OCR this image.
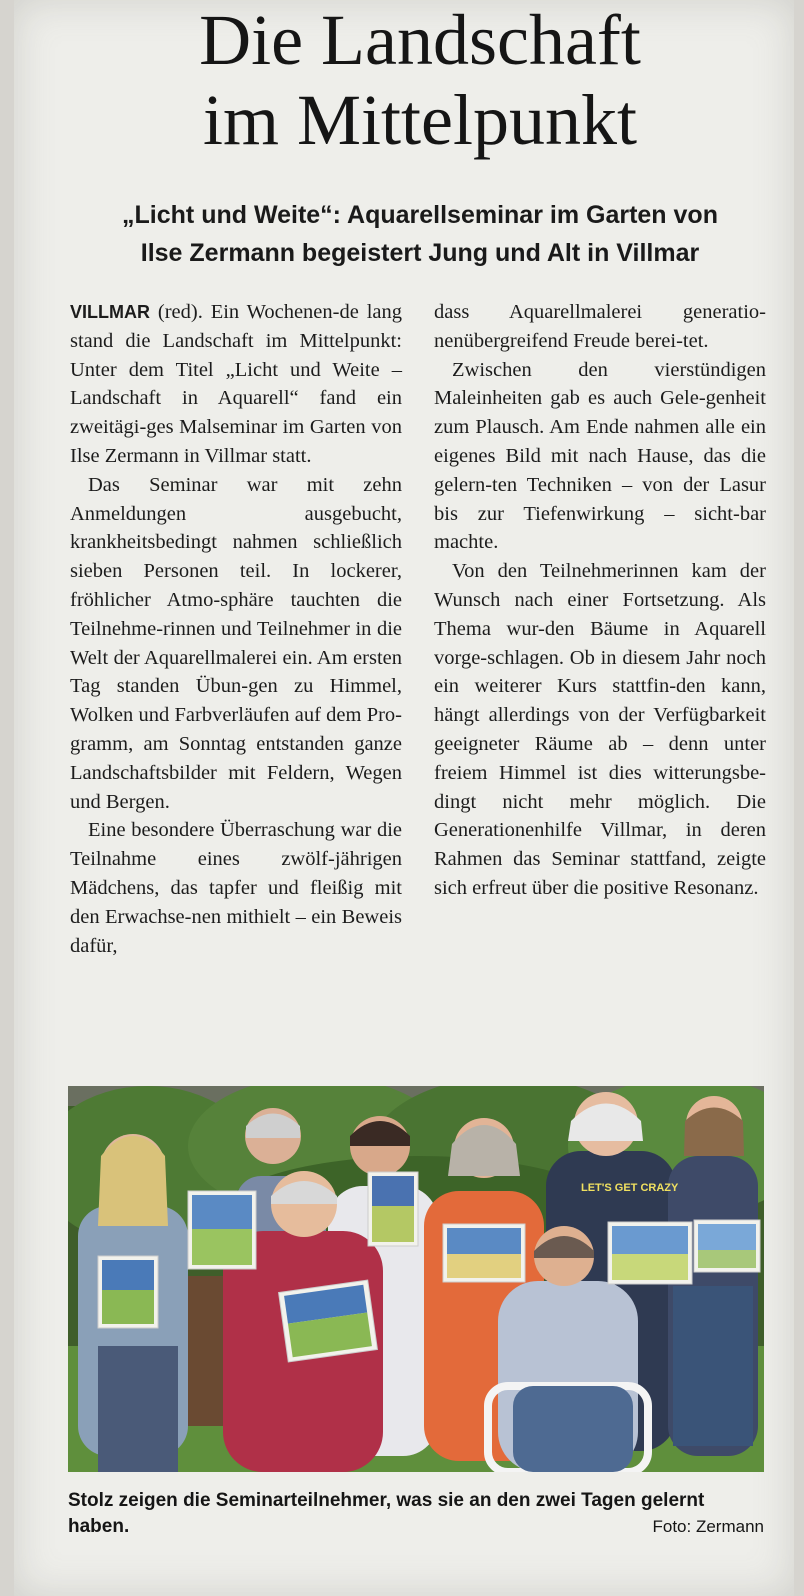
Die Landschaft
im Mittelpunkt
„Licht und Weite“: Aquarellseminar im Garten von
Ilse Zermann begeistert Jung und Alt in Villmar

VILLMAR (red). Ein Wochenen-de lang stand die Landschaft im Mittelpunkt: Unter dem Titel „Licht und Weite – Landschaft in Aquarell“ fand ein zweitägi-ges Malseminar im Garten von Ilse Zermann in Villmar statt.

Das Seminar war mit zehn Anmeldungen ausgebucht, krankheitsbedingt nahmen schließlich sieben Personen teil. In lockerer, fröhlicher Atmo-sphäre tauchten die Teilnehme-rinnen und Teilnehmer in die Welt der Aquarellmalerei ein. Am ersten Tag standen Übun-gen zu Himmel, Wolken und Farbverläufen auf dem Pro-gramm, am Sonntag entstanden ganze Landschaftsbilder mit Feldern, Wegen und Bergen.

Eine besondere Überraschung war die Teilnahme eines zwölf-jährigen Mädchens, das tapfer und fleißig mit den Erwachse-nen mithielt – ein Beweis dafür,

dass Aquarellmalerei generatio-nenübergreifend Freude berei-tet.

Zwischen den vierstündigen Maleinheiten gab es auch Gele-genheit zum Plausch. Am Ende nahmen alle ein eigenes Bild mit nach Hause, das die gelern-ten Techniken – von der Lasur bis zur Tiefenwirkung – sicht-bar machte.

Von den Teilnehmerinnen kam der Wunsch nach einer Fortsetzung. Als Thema wur-den Bäume in Aquarell vorge-schlagen. Ob in diesem Jahr noch ein weiterer Kurs stattfin-den kann, hängt allerdings von der Verfügbarkeit geeigneter Räume ab – denn unter freiem Himmel ist dies witterungsbe-dingt nicht mehr möglich. Die Generationenhilfe Villmar, in deren Rahmen das Seminar stattfand, zeigte sich erfreut über die positive Resonanz.

LET'S GET CRAZY
Stolz zeigen die Seminarteilnehmer, was sie an den zwei Tagen gelernt haben.	Foto: Zermann
